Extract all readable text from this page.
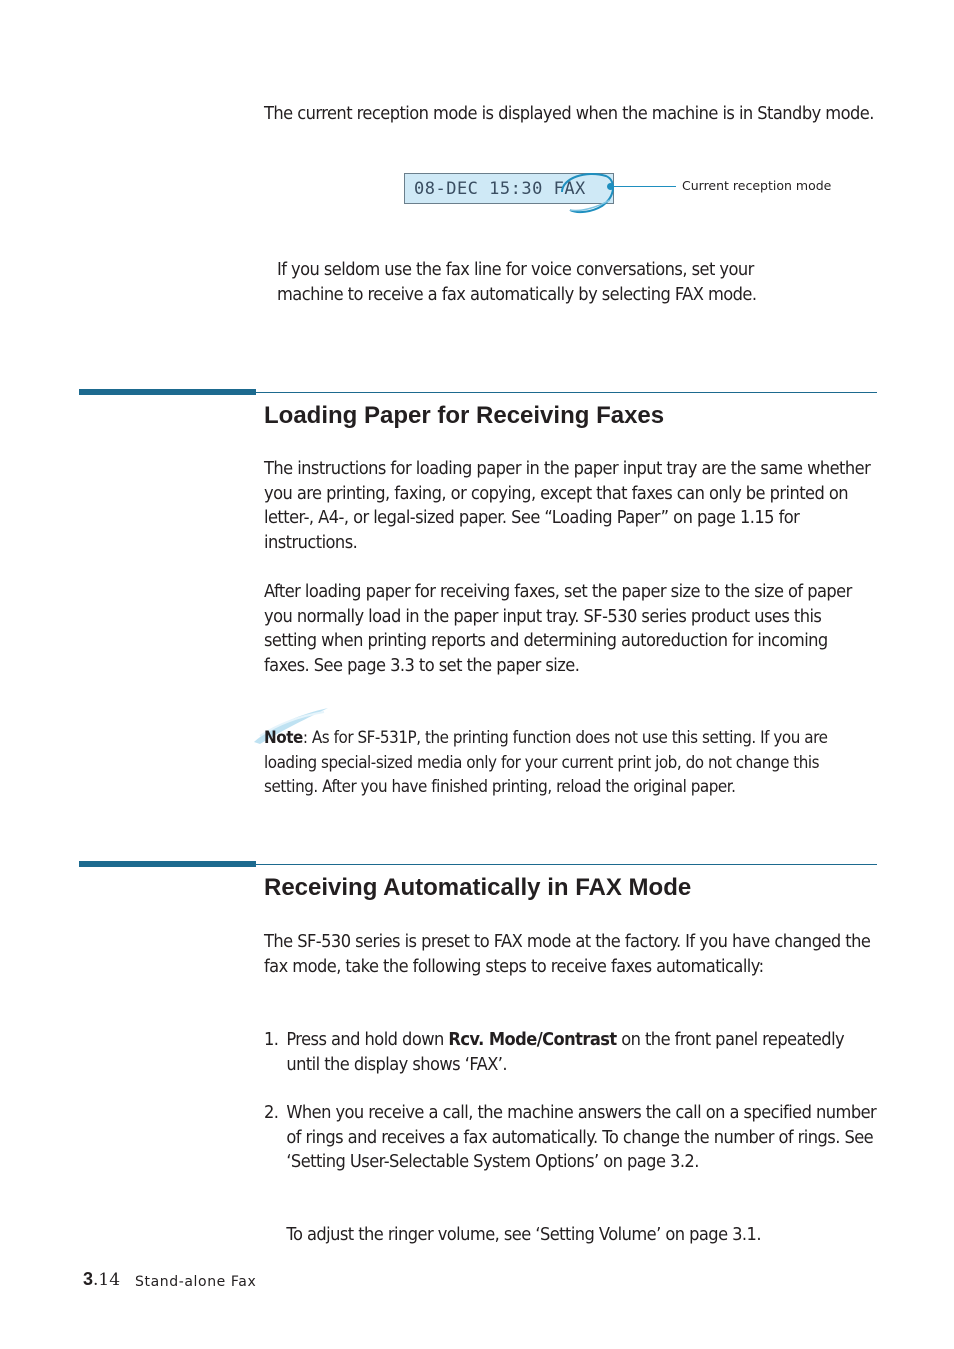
The current reception mode is displayed when the machine is in Standby mode.

08-DEC 15:30 FAX	Current reception mode

If you seldom use the fax line for voice conversations, set your machine to receive a fax automatically by selecting FAX mode.

Loading Paper for Receiving Faxes

The instructions for loading paper in the paper input tray are the same whether you are printing, faxing, or copying, except that faxes can only be printed on letter-, A4-, or legal-sized paper. See “Loading Paper” on page 1.15 for instructions.

After loading paper for receiving faxes, set the paper size to the size of paper you normally load in the paper input tray. SF-530 series product uses this setting when printing reports and determining autoreduction for incoming faxes. See page 3.3 to set the paper size.

Note: As for SF-531P, the printing function does not use this setting. If you are loading special-sized media only for your current print job, do not change this setting. After you have finished printing, reload the original paper.

Receiving Automatically in FAX Mode

The SF-530 series is preset to FAX mode at the factory. If you have changed the fax mode, take the following steps to receive faxes automatically:

1. Press and hold down Rcv. Mode/Contrast on the front panel repeatedly until the display shows ‘FAX’.
2. When you receive a call, the machine answers the call on a specified number of rings and receives a fax automatically. To change the number of rings. See ‘Setting User-Selectable System Options’ on page 3.2.

To adjust the ringer volume, see ‘Setting Volume’ on page 3.1.

3.14 Stand-alone Fax
